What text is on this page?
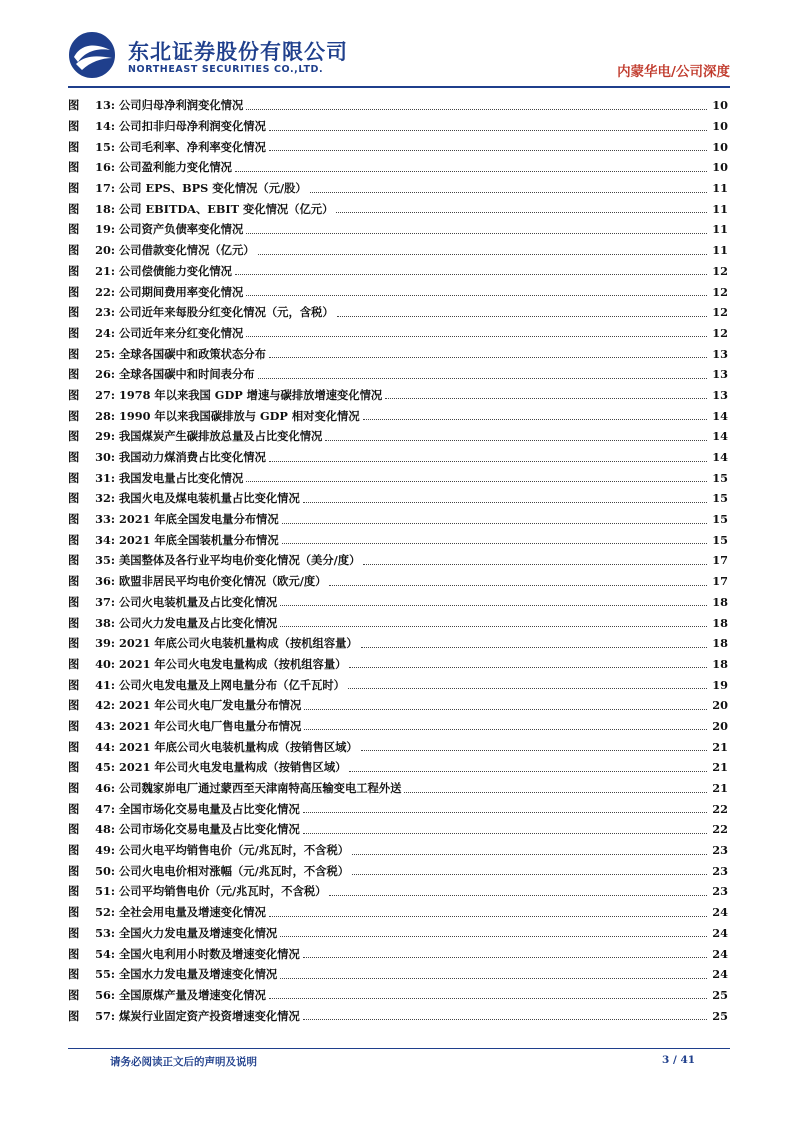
东北证券股份有限公司
NORTHEAST SECURITIES CO.,LTD.	内蒙华电/公司深度
图	13: 公司归母净利润变化情况	10
图	14: 公司扣非归母净利润变化情况	10
图	15: 公司毛利率、净利率变化情况	10
图	16: 公司盈利能力变化情况	10
图	17: 公司 EPS、BPS 变化情况（元/股）	11
图	18: 公司 EBITDA、EBIT 变化情况（亿元）	11
图	19: 公司资产负债率变化情况	11
图	20: 公司借款变化情况（亿元）	11
图	21: 公司偿债能力变化情况	12
图	22: 公司期间费用率变化情况	12
图	23: 公司近年来每股分红变化情况（元，含税）	12
图	24: 公司近年来分红变化情况	12
图	25: 全球各国碳中和政策状态分布	13
图	26: 全球各国碳中和时间表分布	13
图	27: 1978 年以来我国 GDP 增速与碳排放增速变化情况	13
图	28: 1990 年以来我国碳排放与 GDP 相对变化情况	14
图	29: 我国煤炭产生碳排放总量及占比变化情况	14
图	30: 我国动力煤消费占比变化情况	14
图	31: 我国发电量占比变化情况	15
图	32: 我国火电及煤电装机量占比变化情况	15
图	33: 2021 年底全国发电量分布情况	15
图	34: 2021 年底全国装机量分布情况	15
图	35: 美国整体及各行业平均电价变化情况（美分/度）	17
图	36: 欧盟非居民平均电价变化情况（欧元/度）	17
图	37: 公司火电装机量及占比变化情况	18
图	38: 公司火力发电量及占比变化情况	18
图	39: 2021 年底公司火电装机量构成（按机组容量）	18
图	40: 2021 年公司火电发电量构成（按机组容量）	18
图	41: 公司火电发电量及上网电量分布（亿千瓦时）	19
图	42: 2021 年公司火电厂发电量分布情况	20
图	43: 2021 年公司火电厂售电量分布情况	20
图	44: 2021 年底公司火电装机量构成（按销售区域）	21
图	45: 2021 年公司火电发电量构成（按销售区域）	21
图	46: 公司魏家峁电厂通过蒙西至天津南特高压输变电工程外送	21
图	47: 全国市场化交易电量及占比变化情况	22
图	48: 公司市场化交易电量及占比变化情况	22
图	49: 公司火电平均销售电价（元/兆瓦时，不含税）	23
图	50: 公司火电电价相对涨幅（元/兆瓦时，不含税）	23
图	51: 公司平均销售电价（元/兆瓦时，不含税）	23
图	52: 全社会用电量及增速变化情况	24
图	53: 全国火力发电量及增速变化情况	24
图	54: 全国火电利用小时数及增速变化情况	24
图	55: 全国水力发电量及增速变化情况	24
图	56: 全国原煤产量及增速变化情况	25
图	57: 煤炭行业固定资产投资增速变化情况	25
请务必阅读正文后的声明及说明	3 / 41
